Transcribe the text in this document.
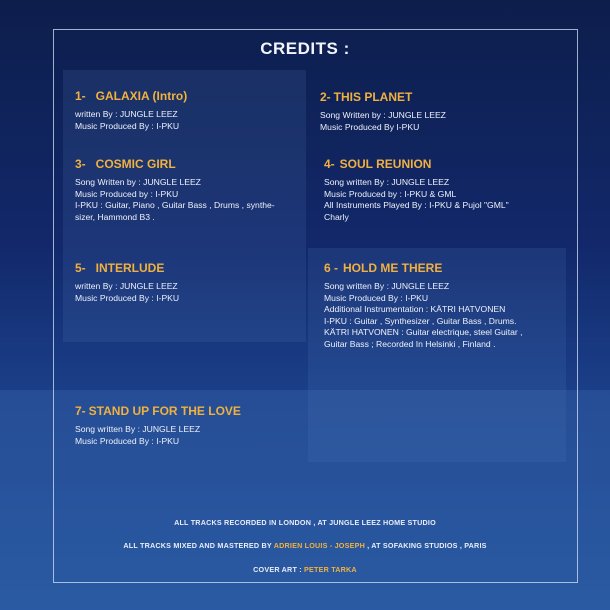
CREDITS :
1- GALAXIA (Intro)
written By : JUNGLE LEEZ
Music Produced By : I-PKU
2- THIS PLANET
Song Written by : JUNGLE LEEZ
Music Produced By I-PKU
3- COSMIC GIRL
Song Written by : JUNGLE LEEZ
Music Produced by : I-PKU
I-PKU : Guitar, Piano , Guitar Bass , Drums , synthe-
sizer, Hammond B3 .
4- SOUL REUNION
Song written By : JUNGLE LEEZ
Music Produced by : I-PKU & GML
All Instruments Played By : I-PKU & Pujol "GML"
Charly
5- INTERLUDE
written By : JUNGLE LEEZ
Music Produced By : I-PKU
6 - HOLD ME THERE
Song written By : JUNGLE LEEZ
Music Produced By : I-PKU
Additional Instrumentation : KÄTRI HATVONEN
I-PKU : Guitar , Synthesizer , Guitar Bass , Drums.
KÄTRI HATVONEN : Guitar electrique, steel Guitar ,
Guitar Bass ; Recorded In Helsinki , Finland .
7- STAND UP FOR THE LOVE
Song written By : JUNGLE LEEZ
Music Produced By : I-PKU
ALL TRACKS RECORDED IN LONDON , AT JUNGLE LEEZ HOME STUDIO
ALL TRACKS MIXED AND MASTERED BY ADRIEN LOUIS - JOSEPH , AT SOFAKING STUDIOS , PARIS
COVER ART : PETER TARKA
